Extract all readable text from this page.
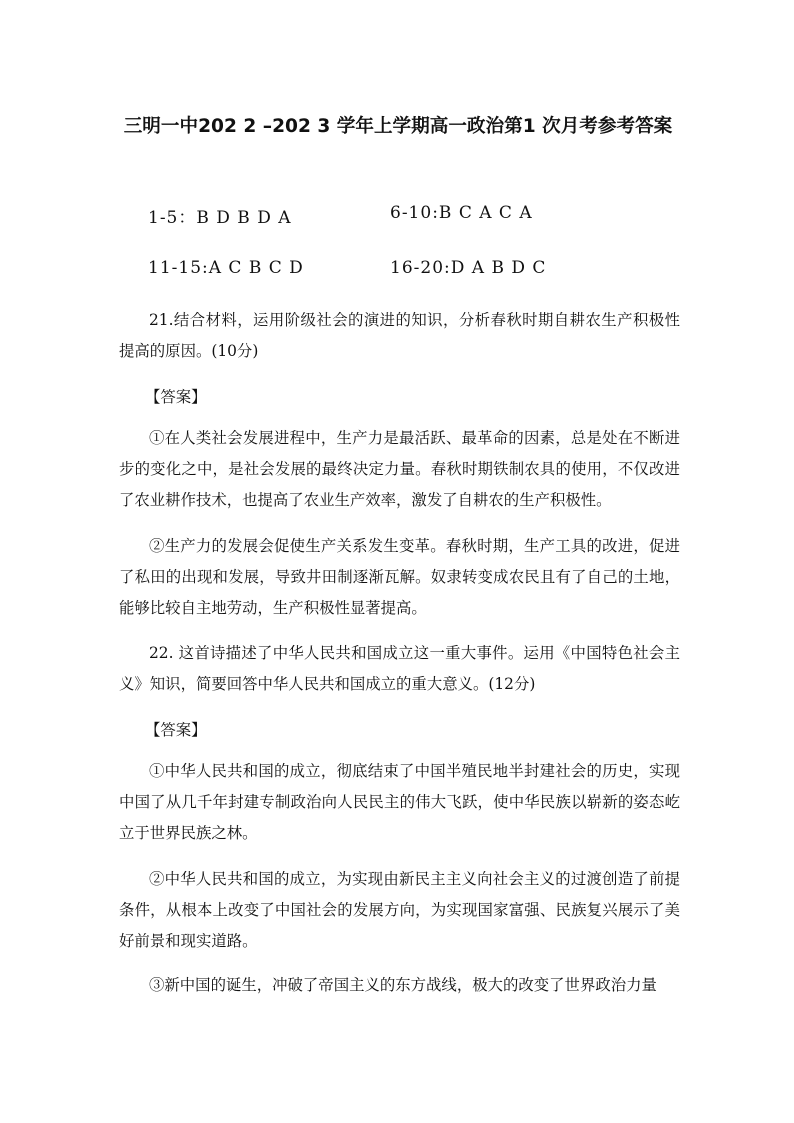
三明一中202 2 –202 3 学年上学期高一政治第1 次月考参考答案
1-5：B D B D A	6-10:B C A C A
11-15:A C B C D	16-20:D A B D C
21.结合材料，运用阶级社会的演进的知识，分析春秋时期自耕农生产积极性提高的原因。(10分)
【答案】
①在人类社会发展进程中，生产力是最活跃、最革命的因素，总是处在不断进步的变化之中，是社会发展的最终决定力量。春秋时期铁制农具的使用，不仅改进了农业耕作技术，也提高了农业生产效率，激发了自耕农的生产积极性。
②生产力的发展会促使生产关系发生变革。春秋时期，生产工具的改进，促进了私田的出现和发展，导致井田制逐渐瓦解。奴隶转变成农民且有了自己的土地，能够比较自主地劳动，生产积极性显著提高。
22. 这首诗描述了中华人民共和国成立这一重大事件。运用《中国特色社会主义》知识，简要回答中华人民共和国成立的重大意义。(12分)
【答案】
①中华人民共和国的成立，彻底结束了中国半殖民地半封建社会的历史，实现中国了从几千年封建专制政治向人民民主的伟大飞跃，使中华民族以崭新的姿态屹立于世界民族之林。
②中华人民共和国的成立，为实现由新民主主义向社会主义的过渡创造了前提条件，从根本上改变了中国社会的发展方向，为实现国家富强、民族复兴展示了美好前景和现实道路。
③新中国的诞生，冲破了帝国主义的东方战线，极大的改变了世界政治力量
